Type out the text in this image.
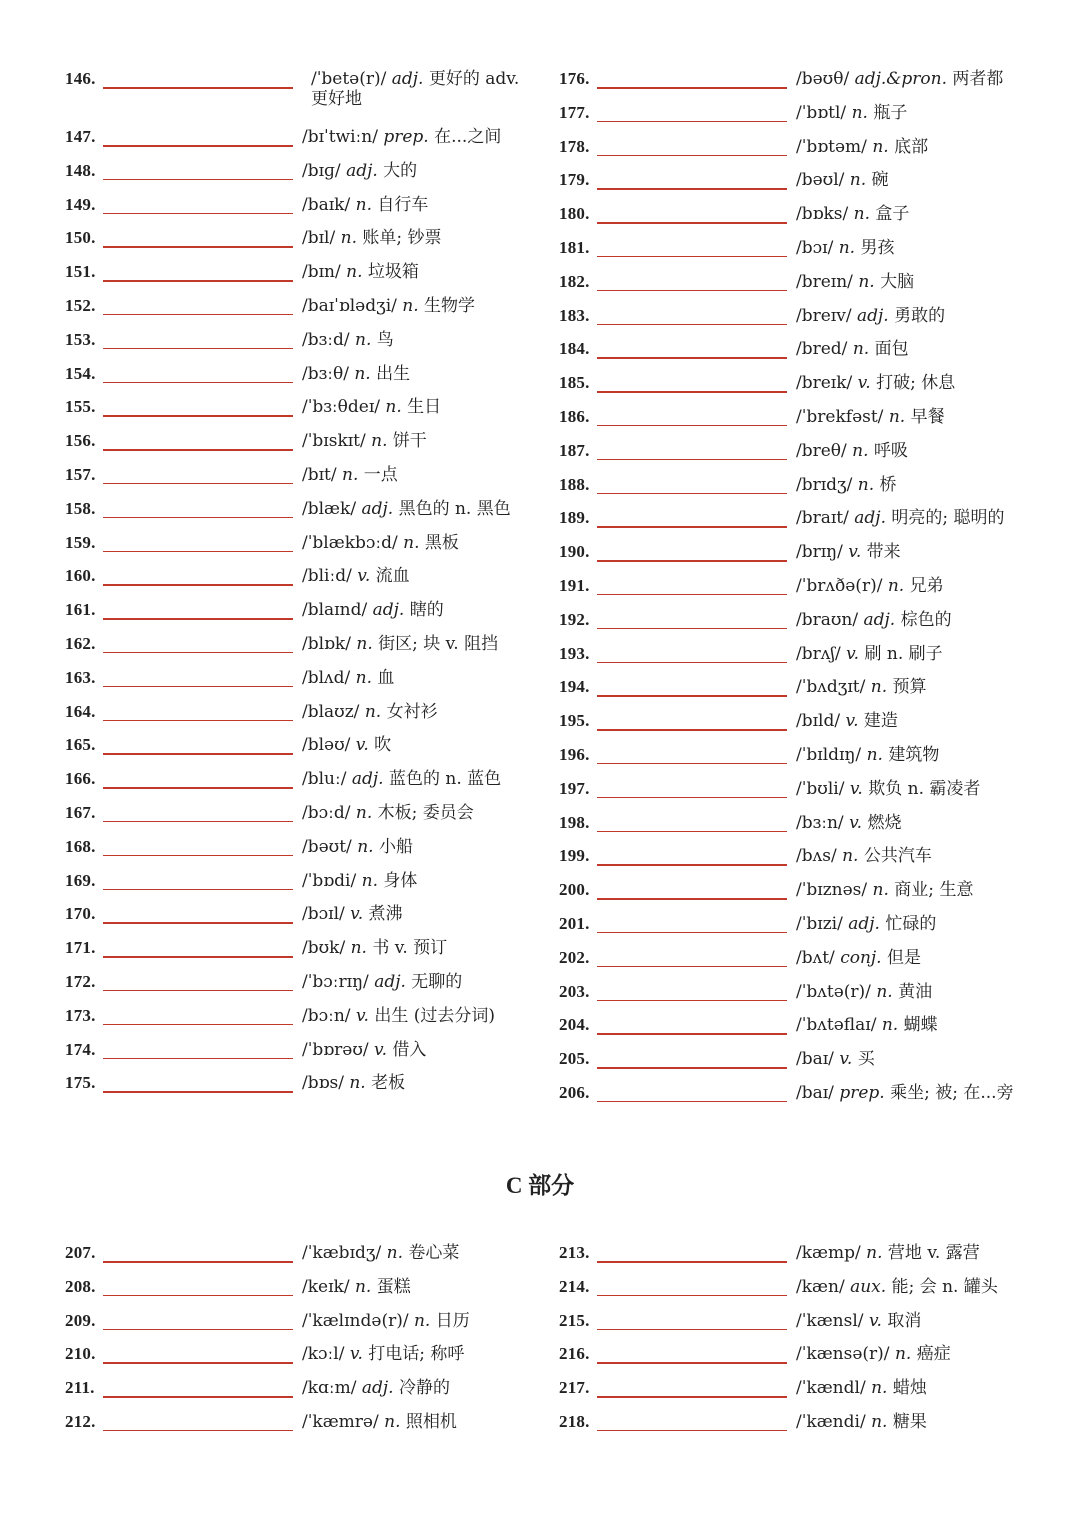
146.	/ˈbetə(r)/ adj. 更好的 adv. 更好地
147.	/bɪˈtwiːn/ prep. 在...之间
148.	/bɪɡ/ adj. 大的
149.	/baɪk/ n. 自行车
150.	/bɪl/ n. 账单; 钞票
151.	/bɪn/ n. 垃圾箱
152.	/baɪˈɒlədʒi/ n. 生物学
153.	/bɜːd/ n. 鸟
154.	/bɜːθ/ n. 出生
155.	/ˈbɜːθdeɪ/ n. 生日
156.	/ˈbɪskɪt/ n. 饼干
157.	/bɪt/ n. 一点
158.	/blæk/ adj. 黑色的 n. 黑色
159.	/ˈblækbɔːd/ n. 黑板
160.	/bliːd/ v. 流血
161.	/blaɪnd/ adj. 瞎的
162.	/blɒk/ n. 街区; 块 v. 阻挡
163.	/blʌd/ n. 血
164.	/blaʊz/ n. 女衬衫
165.	/bləʊ/ v. 吹
166.	/bluː/ adj. 蓝色的 n. 蓝色
167.	/bɔːd/ n. 木板; 委员会
168.	/bəʊt/ n. 小船
169.	/ˈbɒdi/ n. 身体
170.	/bɔɪl/ v. 煮沸
171.	/bʊk/ n. 书 v. 预订
172.	/ˈbɔːrɪŋ/ adj. 无聊的
173.	/bɔːn/ v. 出生 (过去分词)
174.	/ˈbɒrəʊ/ v. 借入
175.	/bɒs/ n. 老板
176.	/bəʊθ/ adj.&pron. 两者都
177.	/ˈbɒtl/ n. 瓶子
178.	/ˈbɒtəm/ n. 底部
179.	/bəʊl/ n. 碗
180.	/bɒks/ n. 盒子
181.	/bɔɪ/ n. 男孩
182.	/breɪn/ n. 大脑
183.	/breɪv/ adj. 勇敢的
184.	/bred/ n. 面包
185.	/breɪk/ v. 打破; 休息
186.	/ˈbrekfəst/ n. 早餐
187.	/breθ/ n. 呼吸
188.	/brɪdʒ/ n. 桥
189.	/braɪt/ adj. 明亮的; 聪明的
190.	/brɪŋ/ v. 带来
191.	/ˈbrʌðə(r)/ n. 兄弟
192.	/braʊn/ adj. 棕色的
193.	/brʌʃ/ v. 刷 n. 刷子
194.	/ˈbʌdʒɪt/ n. 预算
195.	/bɪld/ v. 建造
196.	/ˈbɪldɪŋ/ n. 建筑物
197.	/ˈbʊli/ v. 欺负 n. 霸凌者
198.	/bɜːn/ v. 燃烧
199.	/bʌs/ n. 公共汽车
200.	/ˈbɪznəs/ n. 商业; 生意
201.	/ˈbɪzi/ adj. 忙碌的
202.	/bʌt/ conj. 但是
203.	/ˈbʌtə(r)/ n. 黄油
204.	/ˈbʌtəflaɪ/ n. 蝴蝶
205.	/baɪ/ v. 买
206.	/baɪ/ prep. 乘坐; 被; 在...旁
C 部分
207.	/ˈkæbɪdʒ/ n. 卷心菜
208.	/keɪk/ n. 蛋糕
209.	/ˈkælɪndə(r)/ n. 日历
210.	/kɔːl/ v. 打电话; 称呼
211.	/kɑːm/ adj. 冷静的
212.	/ˈkæmrə/ n. 照相机
213.	/kæmp/ n. 营地 v. 露营
214.	/kæn/ aux. 能; 会 n. 罐头
215.	/ˈkænsl/ v. 取消
216.	/ˈkænsə(r)/ n. 癌症
217.	/ˈkændl/ n. 蜡烛
218.	/ˈkændi/ n. 糖果
